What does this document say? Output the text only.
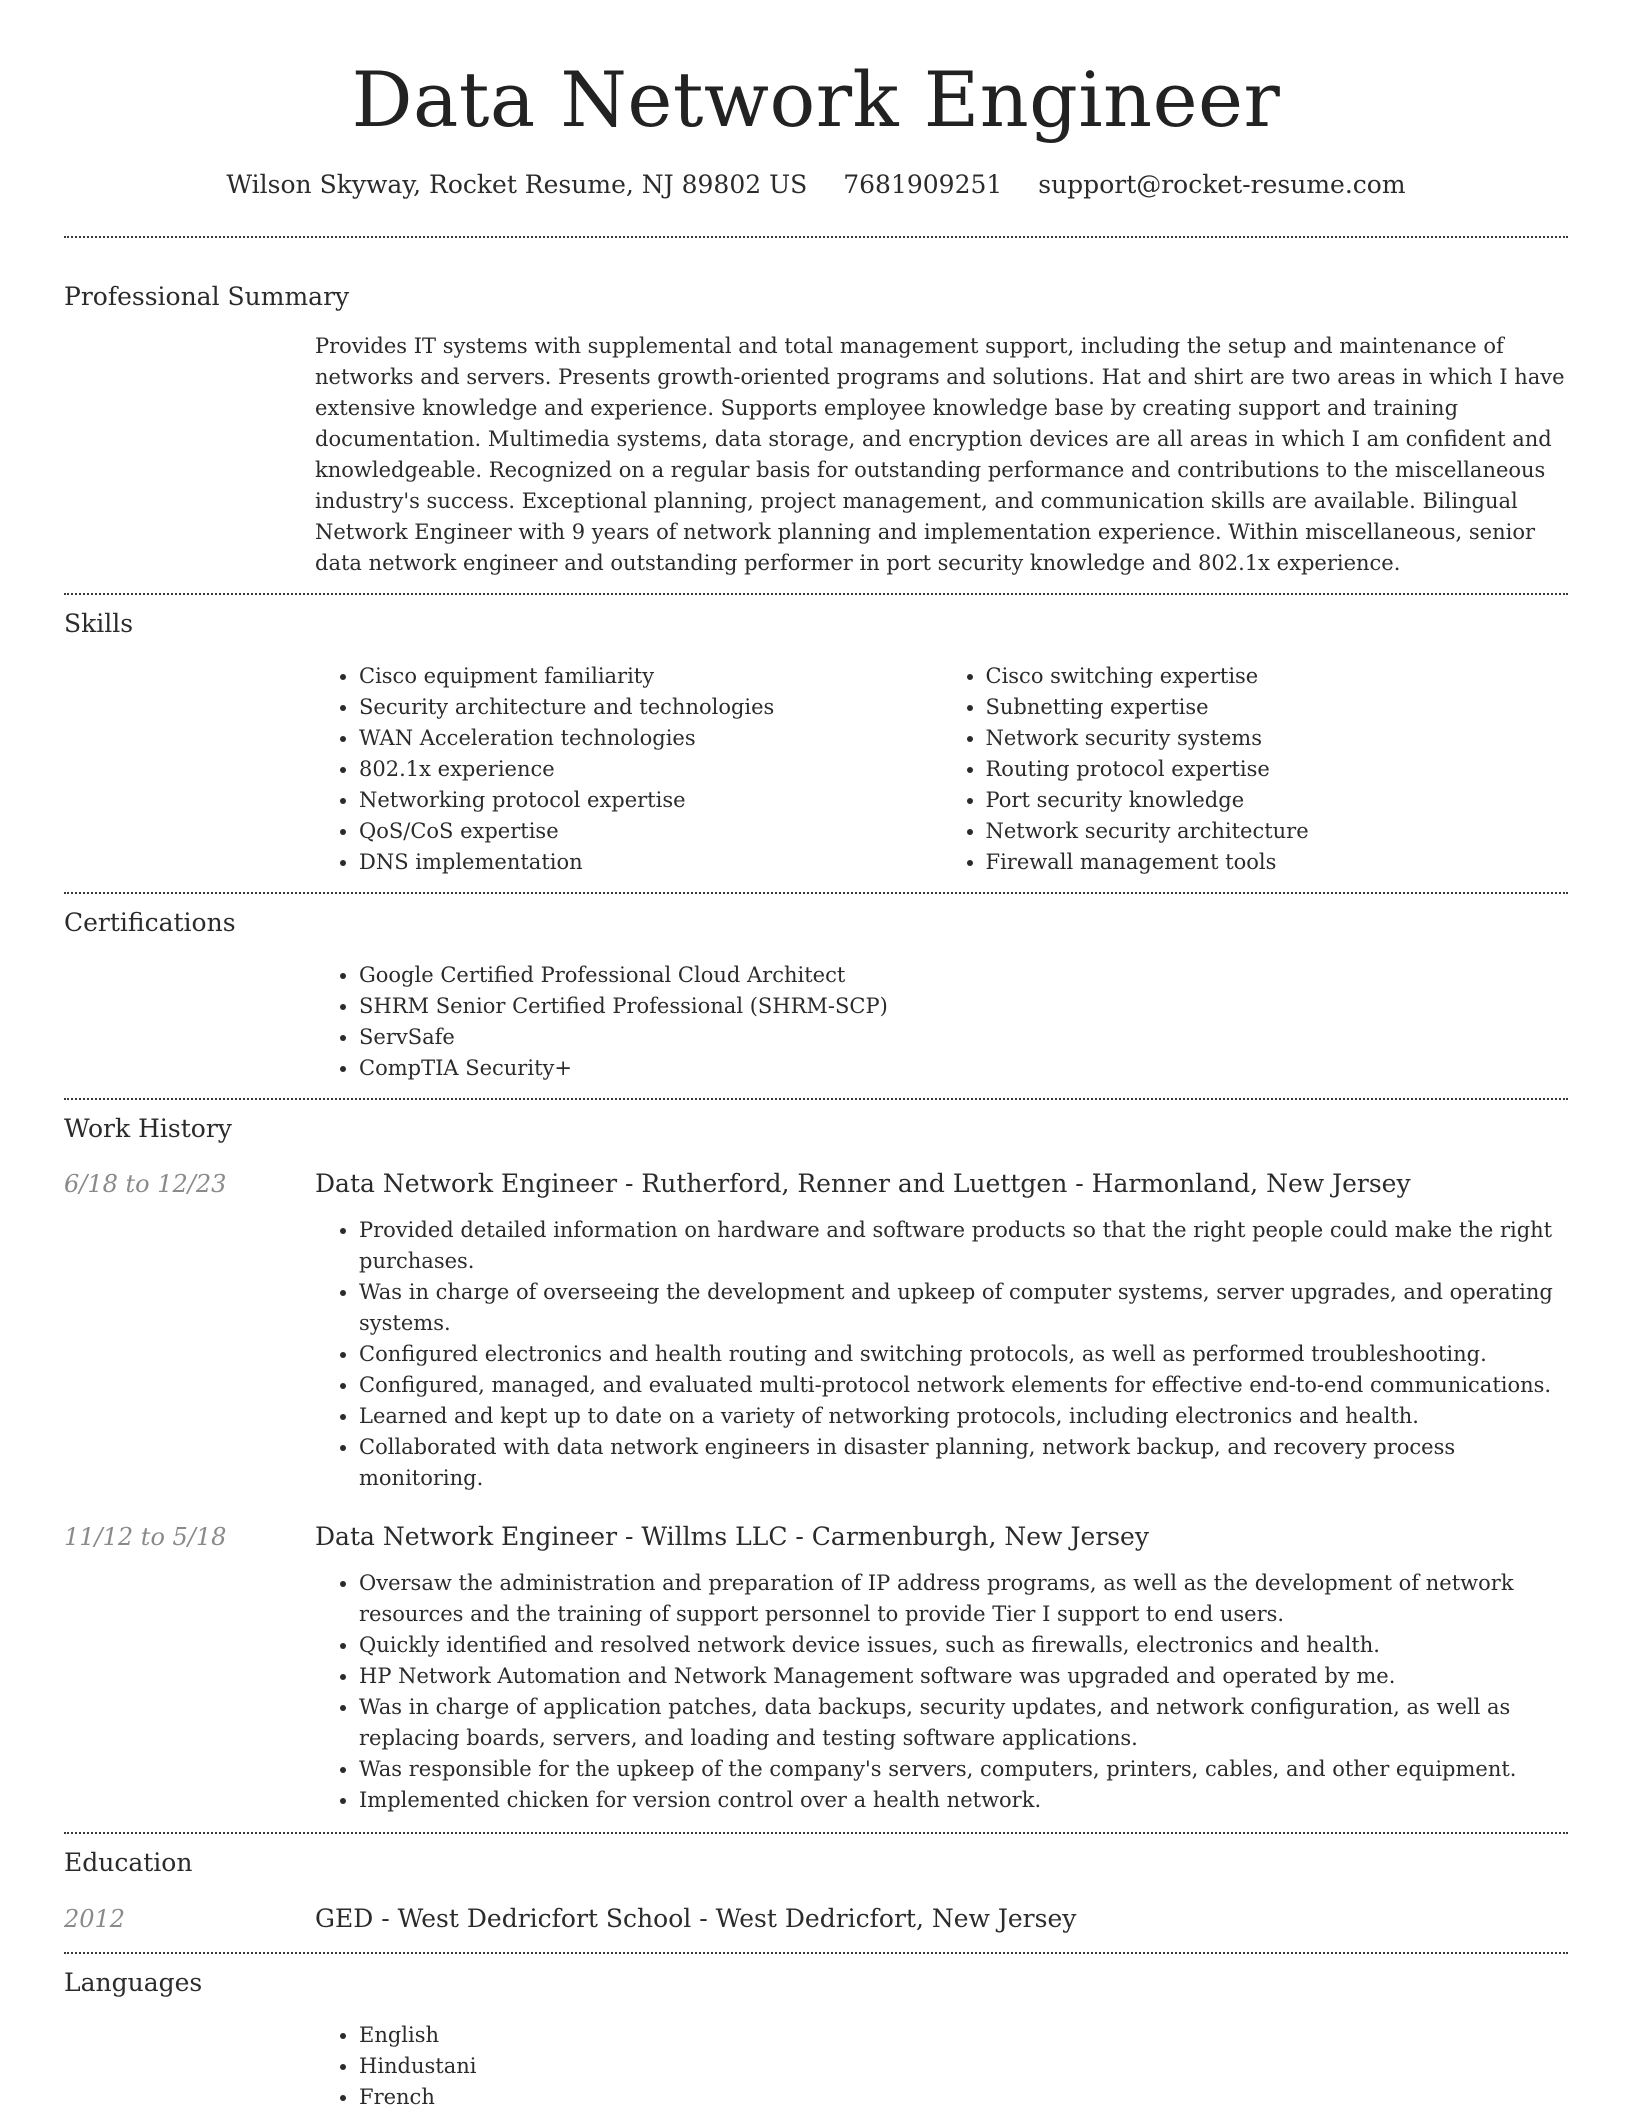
Data Network Engineer
Wilson Skyway, Rocket Resume, NJ 89802 US 7681909251 support@rocket-resume.com
Professional Summary
Provides IT systems with supplemental and total management support, including the setup and maintenance of networks and servers. Presents growth-oriented programs and solutions. Hat and shirt are two areas in which I have extensive knowledge and experience. Supports employee knowledge base by creating support and training documentation. Multimedia systems, data storage, and encryption devices are all areas in which I am confident and knowledgeable. Recognized on a regular basis for outstanding performance and contributions to the miscellaneous industry's success. Exceptional planning, project management, and communication skills are available. Bilingual Network Engineer with 9 years of network planning and implementation experience. Within miscellaneous, senior data network engineer and outstanding performer in port security knowledge and 802.1x experience.
Skills
• Cisco equipment familiarity
• Security architecture and technologies
• WAN Acceleration technologies
• 802.1x experience
• Networking protocol expertise
• QoS/CoS expertise
• DNS implementation
• Cisco switching expertise
• Subnetting expertise
• Network security systems
• Routing protocol expertise
• Port security knowledge
• Network security architecture
• Firewall management tools
Certifications
• Google Certified Professional Cloud Architect
• SHRM Senior Certified Professional (SHRM-SCP)
• ServSafe
• CompTIA Security+
Work History
6/18 to 12/23	Data Network Engineer - Rutherford, Renner and Luettgen - Harmonland, New Jersey
• Provided detailed information on hardware and software products so that the right people could make the right purchases.
• Was in charge of overseeing the development and upkeep of computer systems, server upgrades, and operating systems.
• Configured electronics and health routing and switching protocols, as well as performed troubleshooting.
• Configured, managed, and evaluated multi-protocol network elements for effective end-to-end communications.
• Learned and kept up to date on a variety of networking protocols, including electronics and health.
• Collaborated with data network engineers in disaster planning, network backup, and recovery process monitoring.
11/12 to 5/18	Data Network Engineer - Willms LLC - Carmenburgh, New Jersey
• Oversaw the administration and preparation of IP address programs, as well as the development of network resources and the training of support personnel to provide Tier I support to end users.
• Quickly identified and resolved network device issues, such as firewalls, electronics and health.
• HP Network Automation and Network Management software was upgraded and operated by me.
• Was in charge of application patches, data backups, security updates, and network configuration, as well as replacing boards, servers, and loading and testing software applications.
• Was responsible for the upkeep of the company's servers, computers, printers, cables, and other equipment.
• Implemented chicken for version control over a health network.
Education
2012	GED - West Dedricfort School - West Dedricfort, New Jersey
Languages
• English
• Hindustani
• French
